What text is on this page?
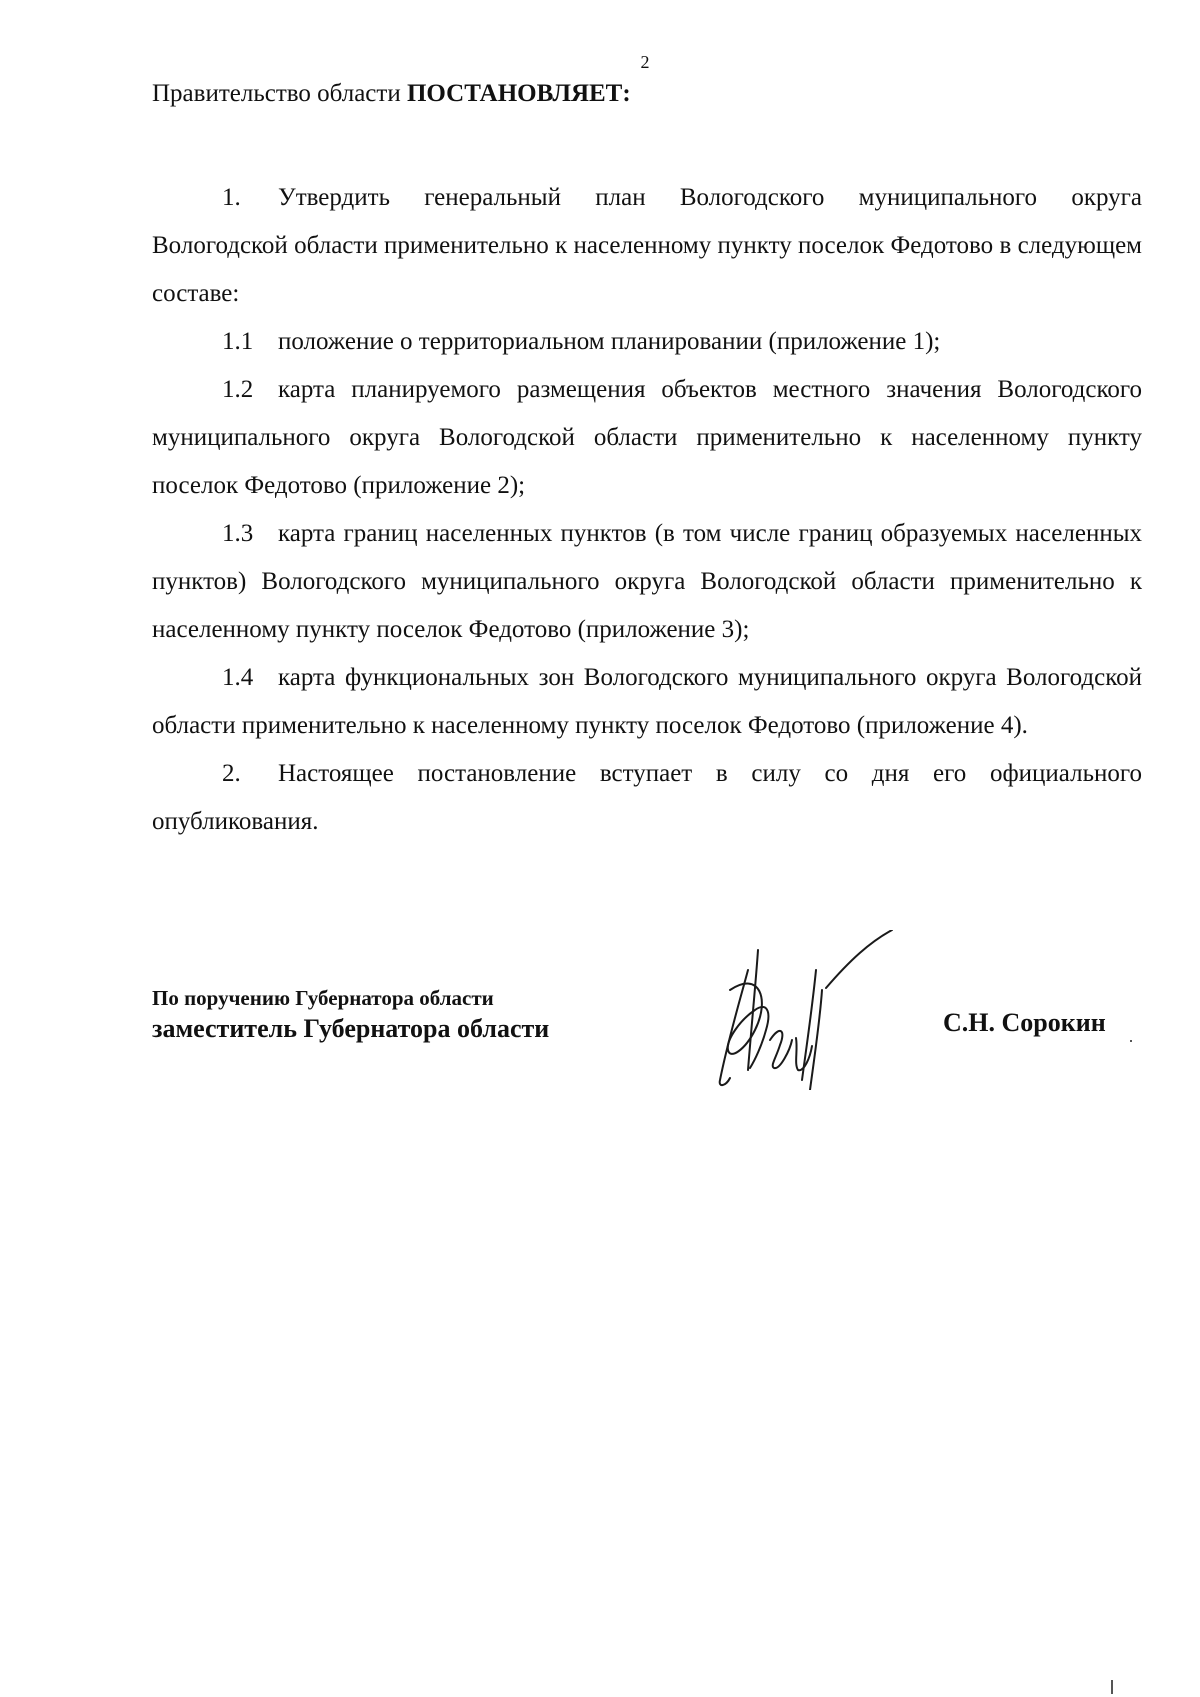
2
Правительство области ПОСТАНОВЛЯЕТ:

1. Утвердить генеральный план Вологодского муниципального округа Вологодской области применительно к населенному пункту поселок Федотово в следующем составе:

1.1 положение о территориальном планировании (приложение 1);

1.2 карта планируемого размещения объектов местного значения Вологодского муниципального округа Вологодской области применительно к населенному пункту поселок Федотово (приложение 2);

1.3 карта границ населенных пунктов (в том числе границ образуемых населенных пунктов) Вологодского муниципального округа Вологодской области применительно к населенному пункту поселок Федотово (приложение 3);

1.4 карта функциональных зон Вологодского муниципального округа Вологодской области применительно к населенному пункту поселок Федотово (приложение 4).

2. Настоящее постановление вступает в силу со дня его официального опубликования.

По поручению Губернатора области
заместитель Губернатора области	С.Н. Сорокин
